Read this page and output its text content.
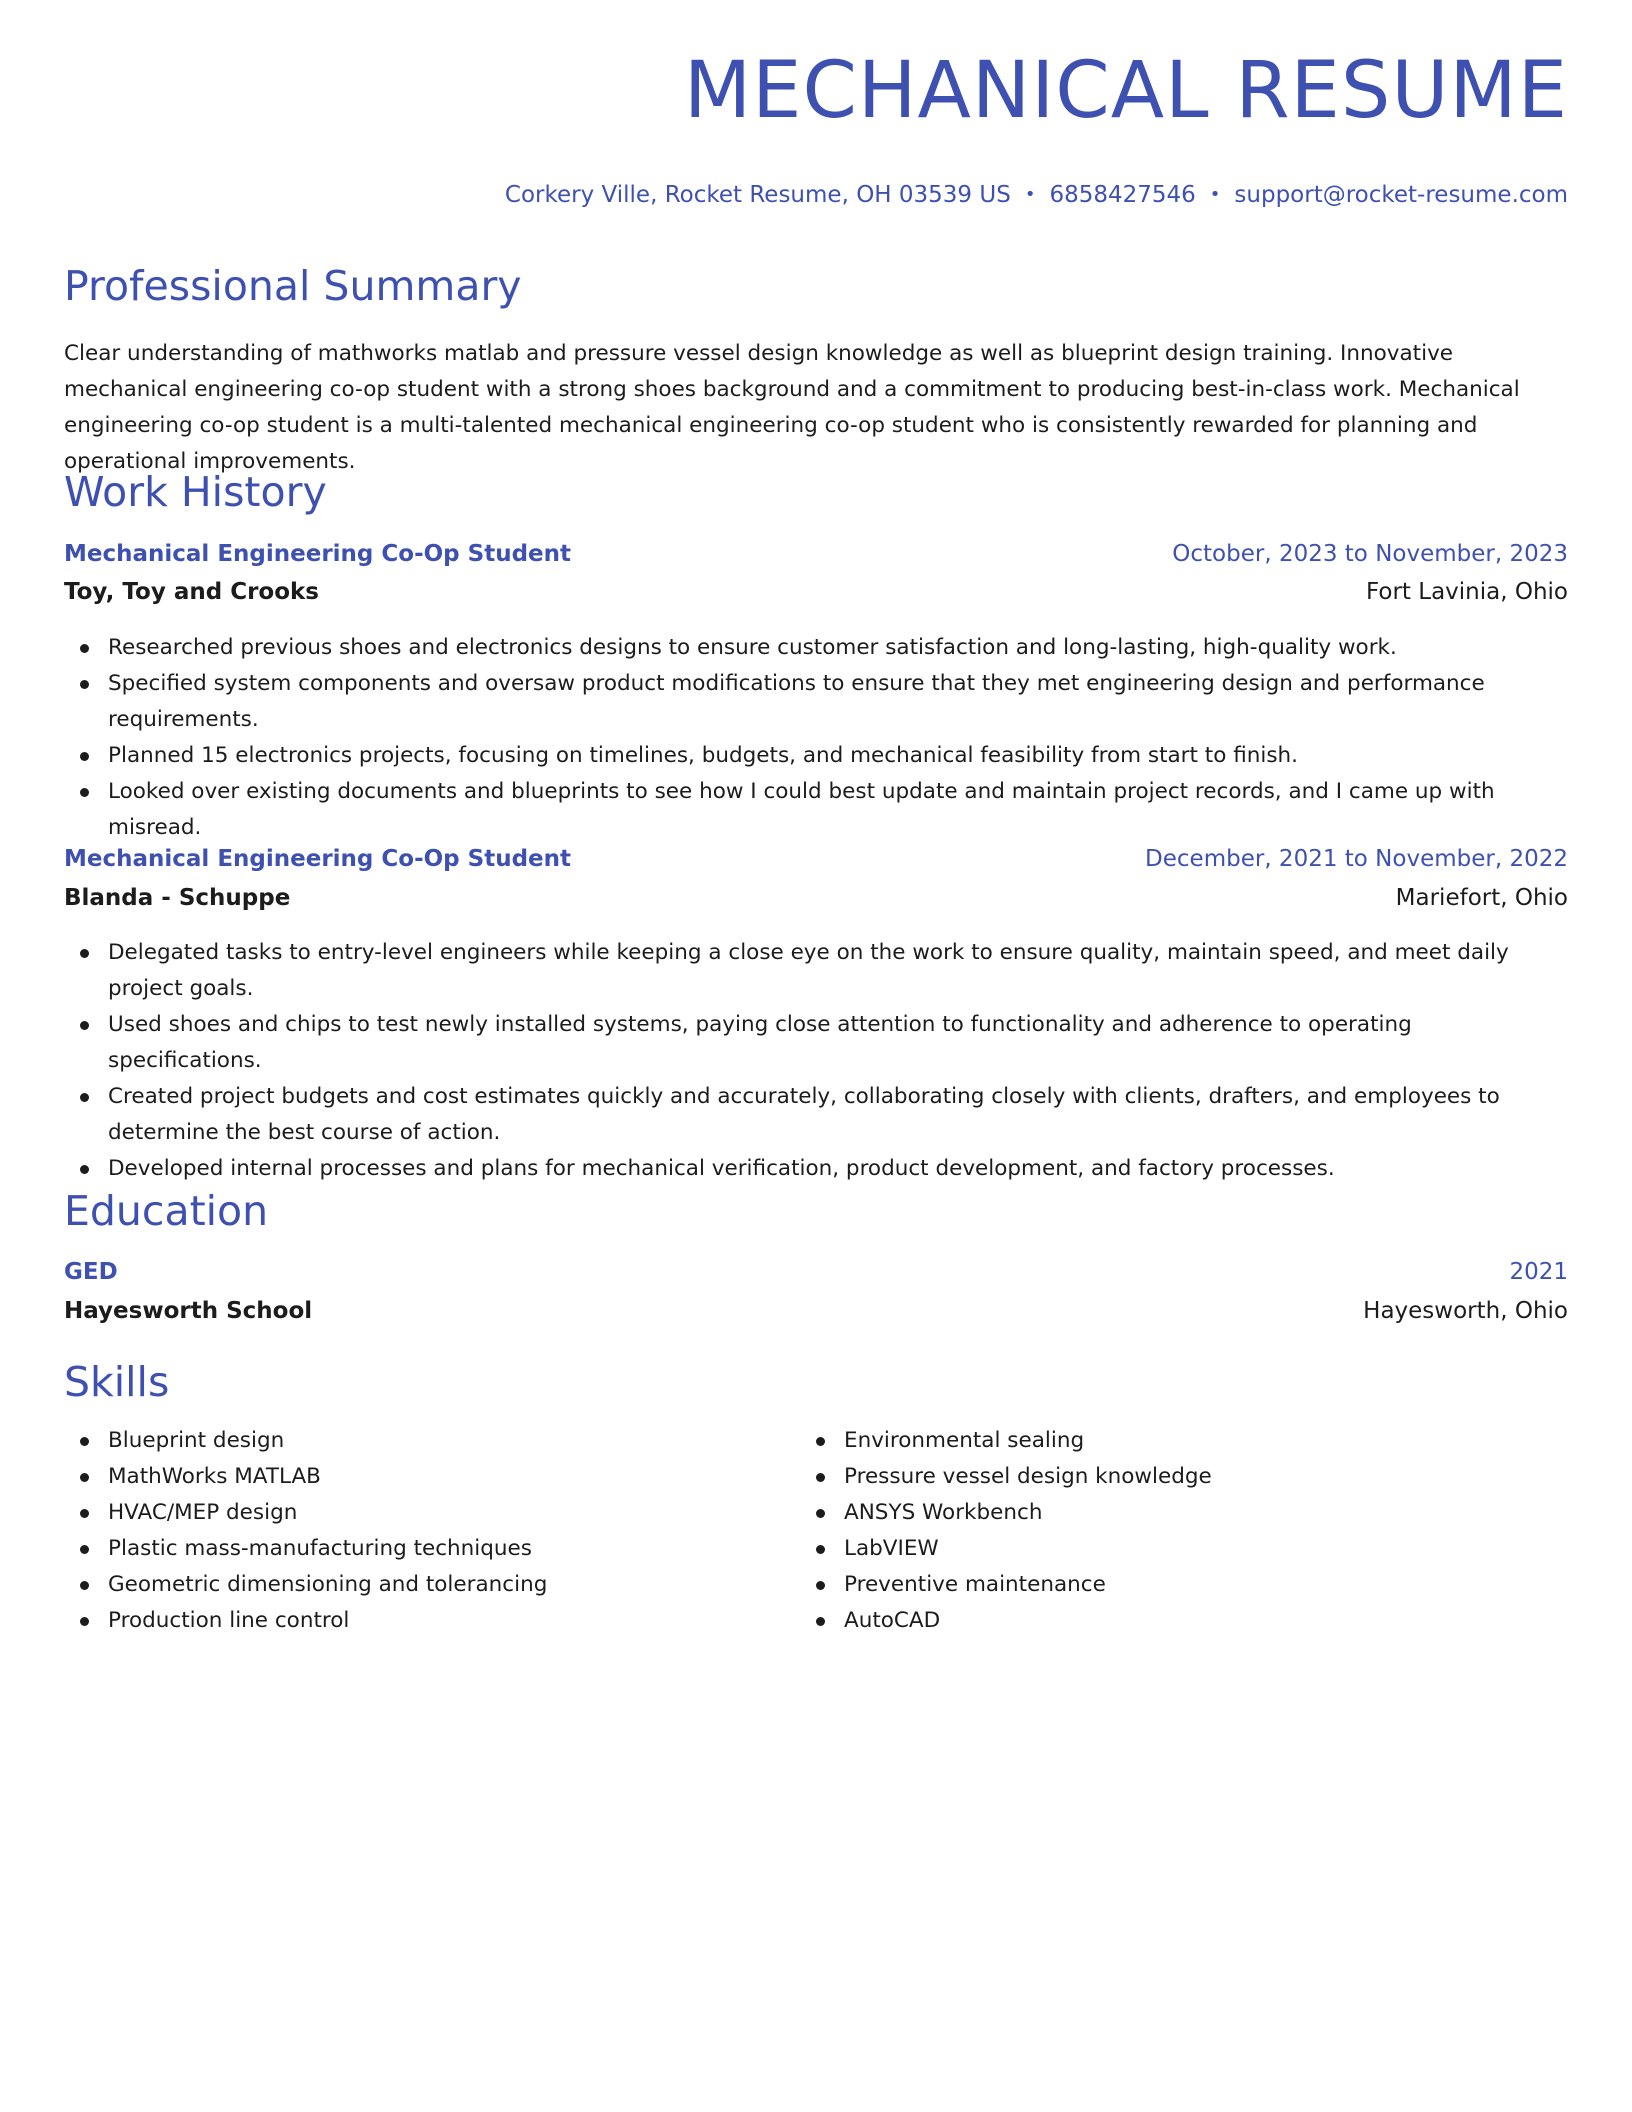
MECHANICAL RESUME
Corkery Ville, Rocket Resume, OH 03539 US • 6858427546 • support@rocket-resume.com
Professional Summary

Clear understanding of mathworks matlab and pressure vessel design knowledge as well as blueprint design training. Innovative mechanical engineering co-op student with a strong shoes background and a commitment to producing best-in-class work. Mechanical engineering co-op student is a multi-talented mechanical engineering co-op student who is consistently rewarded for planning and operational improvements.

Work History
Mechanical Engineering Co-Op Student	October, 2023 to November, 2023
Toy, Toy and Crooks	Fort Lavinia, Ohio
Researched previous shoes and electronics designs to ensure customer satisfaction and long-lasting, high-quality work.
Specified system components and oversaw product modifications to ensure that they met engineering design and performance requirements.
Planned 15 electronics projects, focusing on timelines, budgets, and mechanical feasibility from start to finish.
Looked over existing documents and blueprints to see how I could best update and maintain project records, and I came up with misread.
Mechanical Engineering Co-Op Student	December, 2021 to November, 2022
Blanda - Schuppe	Mariefort, Ohio
Delegated tasks to entry-level engineers while keeping a close eye on the work to ensure quality, maintain speed, and meet daily project goals.
Used shoes and chips to test newly installed systems, paying close attention to functionality and adherence to operating specifications.
Created project budgets and cost estimates quickly and accurately, collaborating closely with clients, drafters, and employees to determine the best course of action.
Developed internal processes and plans for mechanical verification, product development, and factory processes.
Education
GED	2021
Hayesworth School	Hayesworth, Ohio
Skills
Blueprint design
MathWorks MATLAB
HVAC/MEP design
Plastic mass-manufacturing techniques
Geometric dimensioning and tolerancing
Production line control
Environmental sealing
Pressure vessel design knowledge
ANSYS Workbench
LabVIEW
Preventive maintenance
AutoCAD
